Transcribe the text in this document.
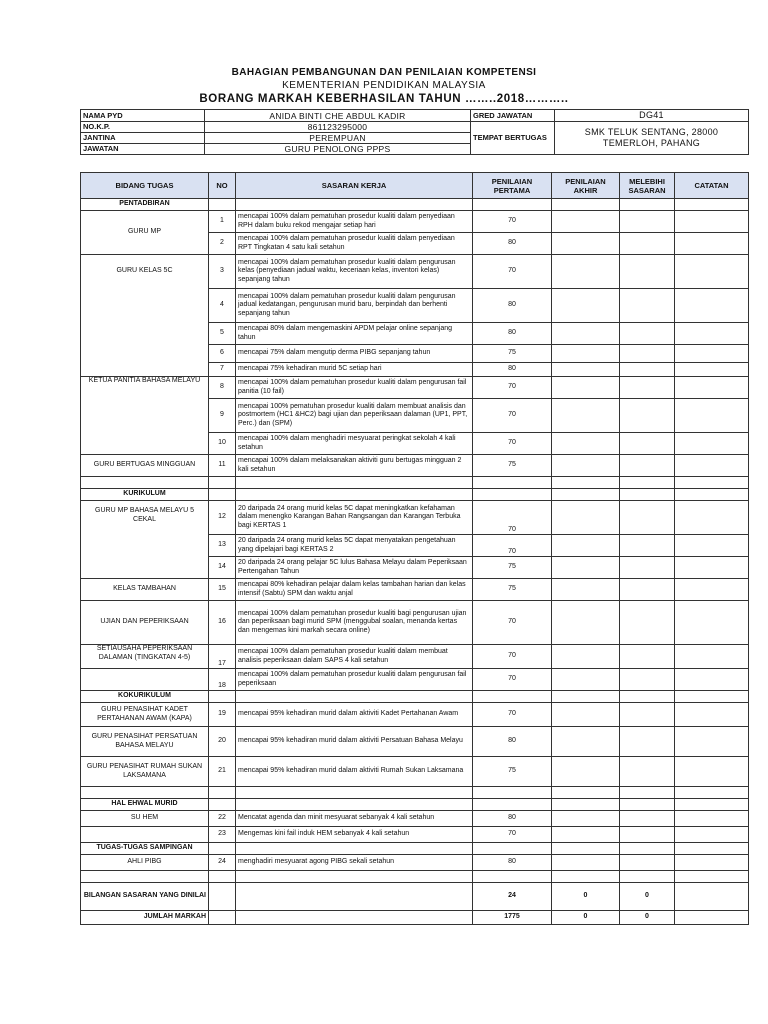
BAHAGIAN PEMBANGUNAN DAN PENILAIAN KOMPETENSI
KEMENTERIAN PENDIDIKAN MALAYSIA
BORANG MARKAH KEBERHASILAN TAHUN ……..2018………..
NAMA PYD	ANIDA BINTI CHE ABDUL KADIR	GRED JAWATAN	DG41
NO.K.P.	861123295000	TEMPAT BERTUGAS	SMK TELUK SENTANG, 28000 TEMERLOH, PAHANG
JANTINA	PEREMPUAN		
JAWATAN	GURU PENOLONG PPPS		
BIDANG TUGAS	NO	SASARAN KERJA	PENILAIAN PERTAMA	PENILAIAN AKHIR	MELEBIHI SASARAN	CATATAN
PENTADBIRAN						
GURU MP	1	mencapai 100% dalam pematuhan prosedur kualiti dalam penyediaan RPH dalam buku rekod mengajar setiap hari	70			
	2	mencapai 100% dalam pematuhan prosedur kualiti dalam penyediaan RPT Tingkatan 4 satu kali setahun	80			
GURU KELAS 5C	3	mencapai 100% dalam pematuhan prosedur kualiti dalam pengurusan kelas (penyediaan jadual waktu, keceriaan kelas, inventori kelas) sepanjang tahun	70			
	4	mencapai 100% dalam pematuhan prosedur kualiti dalam pengurusan jadual kedatangan, pengurusan murid baru, berpindah dan berhenti sepanjang tahun	80			
	5	mencapai 80% dalam mengemaskini APDM pelajar online sepanjang tahun	80			
	6	mencapai 75% dalam mengutip derma PIBG sepanjang tahun	75			
	7	mencapai 75% kehadiran murid 5C setiap hari	80			
KETUA PANITIA BAHASA MELAYU	8	mencapai 100% dalam pematuhan prosedur kualiti dalam pengurusan fail panitia (10 fail)	70			
	9	mencapai 100% pematuhan prosedur kualiti dalam membuat analisis dan postmortem (HC1 &HC2) bagi ujian dan peperiksaan dalaman (UP1, PPT, Perc.) dan (SPM)	70			
	10	mencapai 100% dalam menghadiri mesyuarat peringkat sekolah 4 kali setahun	70			
GURU BERTUGAS MINGGUAN	11	mencapai 100% dalam melaksanakan aktiviti guru bertugas mingguan 2 kali setahun	75			

KURIKULUM						
GURU MP BAHASA MELAYU 5 CEKAL	12	20 daripada 24 orang murid kelas 5C dapat meningkatkan kefahaman dalam menengko Karangan Bahan Rangsangan dan Karangan Terbuka bagi KERTAS 1	70			
	13	20 daripada 24 orang murid kelas 5C dapat menyatakan pengetahuan yang dipelajari bagi KERTAS 2	70			
	14	20 daripada 24 orang pelajar 5C lulus Bahasa Melayu dalam Peperiksaan Pertengahan Tahun	75			
KELAS TAMBAHAN	15	mencapai 80% kehadiran pelajar dalam kelas tambahan harian dan kelas intensif (Sabtu) SPM dan waktu anjal	75			
UJIAN DAN PEPERIKSAAN	16	mencapai 100% dalam pematuhan prosedur kualiti bagi pengurusan ujian dan peperiksaan bagi murid SPM (menggubal soalan, menanda kertas dan mengemas kini markah secara online)	70			
SETIAUSAHA PEPERIKSAAN DALAMAN (TINGKATAN 4-5)	17	mencapai 100% dalam pematuhan prosedur kualiti dalam membuat analisis peperiksaan dalam SAPS 4 kali setahun	70			
	18	mencapai 100% dalam pematuhan prosedur kualiti dalam pengurusan fail peperiksaan	70			
KOKURIKULUM						
GURU PENASIHAT KADET PERTAHANAN AWAM (KAPA)	19	mencapai 95% kehadiran murid dalam aktiviti Kadet Pertahanan Awam	70			
GURU PENASIHAT PERSATUAN BAHASA MELAYU	20	mencapai 95% kehadiran murid dalam aktiviti Persatuan Bahasa Melayu	80			
GURU PENASIHAT RUMAH SUKAN LAKSAMANA	21	mencapai 95% kehadiran murid dalam aktiviti Rumah Sukan Laksamana	75			

HAL EHWAL MURID						
SU HEM	22	Mencatat agenda dan minit mesyuarat sebanyak 4 kali setahun	80			
	23	Mengemas kini fail induk HEM sebanyak 4 kali setahun	70			
TUGAS-TUGAS SAMPINGAN						
AHLI PIBG	24	menghadiri mesyuarat agong PIBG sekali setahun	80			

BILANGAN SASARAN YANG DINILAI			24	0	0	
JUMLAH MARKAH			1775	0	0	
